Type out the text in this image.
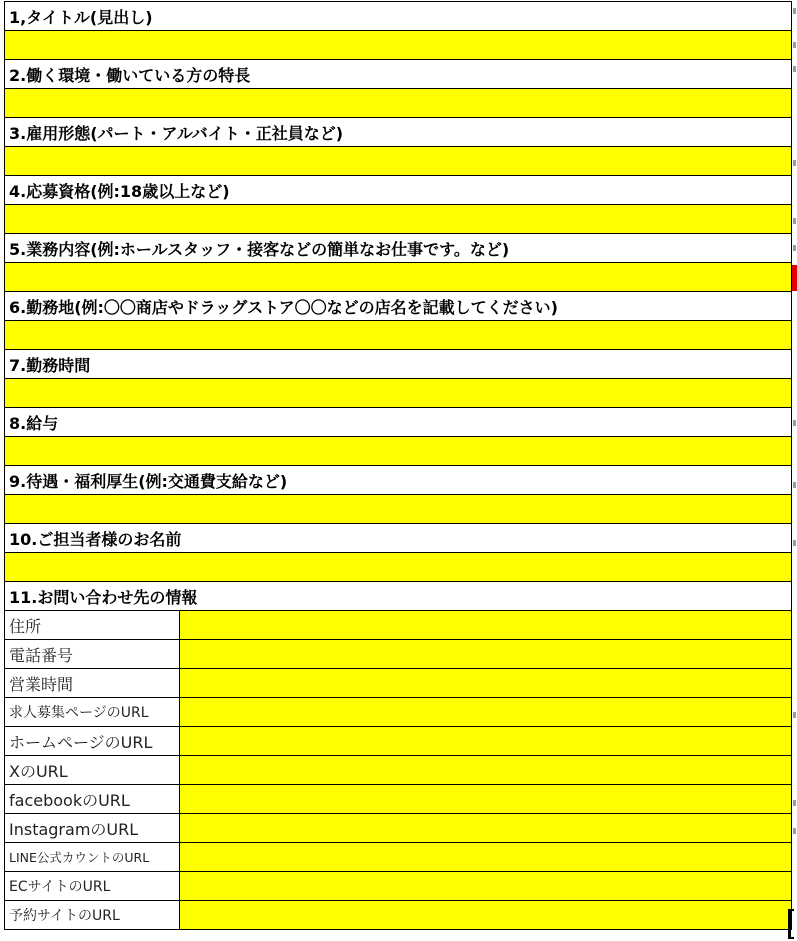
1,タイトル(見出し)	

2.働く環境・働いている方の特長	

3.雇用形態(パート・アルバイト・正社員など)	

4.応募資格(例:18歳以上など)	

5.業務内容(例:ホールスタッフ・接客などの簡単なお仕事です。など)	

6.勤務地(例:〇〇商店やドラッグストア〇〇などの店名を記載してください)	

7.勤務時間	

8.給与	

9.待遇・福利厚生(例:交通費支給など)	

10.ご担当者様のお名前	

11.お問い合わせ先の情報	
住所	
電話番号	
営業時間	
求人募集ページのURL	
ホームページのURL	
XのURL	
facebookのURL	
InstagramのURL	
LINE公式カウントのURL	
ECサイトのURL	
予約サイトのURL	
